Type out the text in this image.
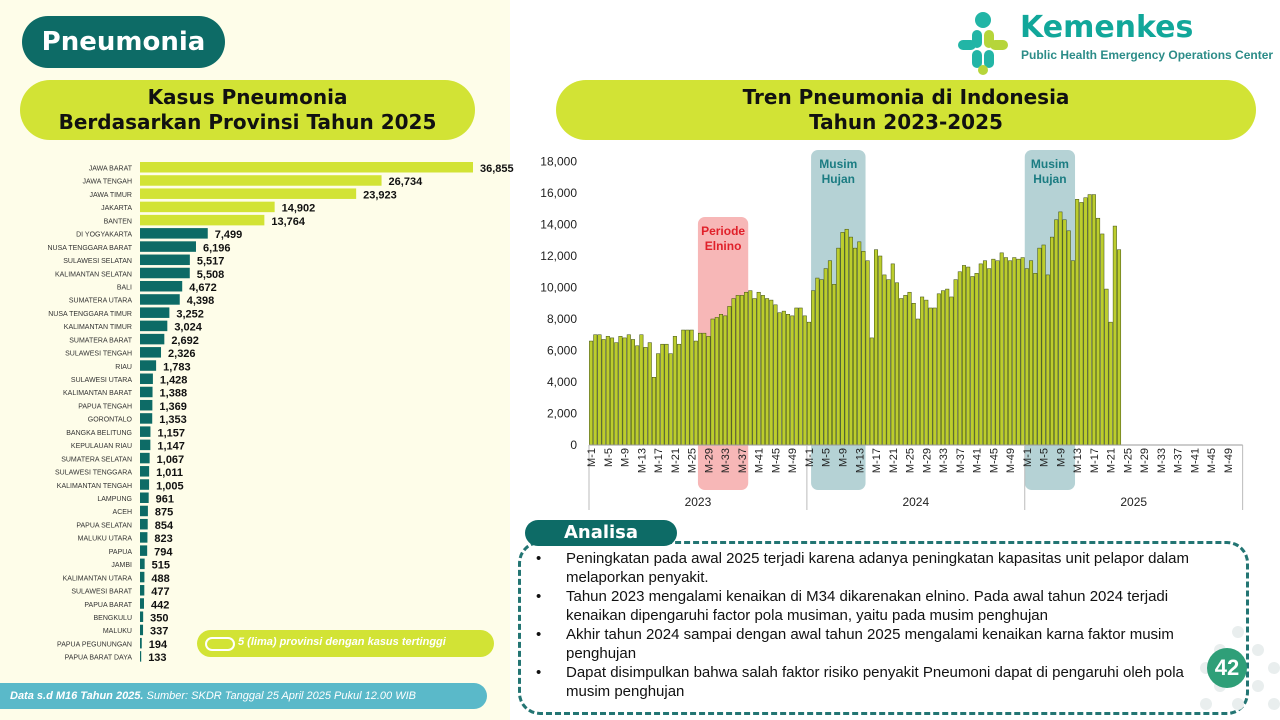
Pneumonia	Kemenkes
Public Health Emergency Operations Center
Kasus Pneumonia
Berdasarkan Provinsi Tahun 2025
Tren Pneumonia di Indonesia
Tahun 2023-2025
JAWA BARAT	36,855
JAWA TENGAH	26,734
JAWA TIMUR	23,923
JAKARTA	14,902
BANTEN	13,764
DI YOGYAKARTA	7,499
NUSA TENGGARA BARAT	6,196
SULAWESI SELATAN	5,517
KALIMANTAN SELATAN	5,508
BALI	4,672
SUMATERA UTARA	4,398
NUSA TENGGARA TIMUR	3,252
KALIMANTAN TIMUR	3,024
SUMATERA BARAT	2,692
SULAWESI TENGAH	2,326
RIAU	1,783
SULAWESI UTARA	1,428
KALIMANTAN BARAT	1,388
PAPUA TENGAH 1,369
GORONTALO 1,353
BANGKA BELITUNG 1,157
KEPULAUAN RIAU 1,147
SUMATERA SELATAN 1,067
SULAWESI TENGGARA 1,011
KALIMANTAN TENGAH 1,005
LAMPUNG 961
ACEH 875
PAPUA SELATAN 854
MALUKU UTARA 823
PAPUA 794
JAMBI 515
KALIMANTAN UTARA 488
SULAWESI BARAT 477
PAPUA BARAT 442
BENGKULU 350
MALUKU 337
PAPUA PEGUNUNGAN 194
PAPUA BARAT DAYA 133
Periode
Elnino
Musim
Hujan
Musim
Hujan
0
2,000
4,000
6,000
8,000
10,000
12,000
14,000
16,000
18,000
M-1 M-5 M-9 M-13 M-17 M-21 M-25 M-29 M-33 M-37 M-41 M-45 M-49
2023
M-1 M-5 M-9 M-13 M-17 M-21 M-25 M-29 M-33 M-37 M-41 M-45 M-49
2024
M-1 M-5 M-9 M-13 M-17 M-21 M-25 M-29 M-33 M-37 M-41 M-45 M-49
2025
5 (lima) provinsi dengan kasus tertinggi
Data s.d M16 Tahun 2025. Sumber: SKDR Tanggal 25 April 2025 Pukul 12.00 WIB
Analisa
• Peningkatan pada awal 2025 terjadi karena adanya peningkatan kapasitas unit pelapor dalam melaporkan penyakit.
• Tahun 2023 mengalami kenaikan di M34 dikarenakan elnino. Pada awal tahun 2024 terjadi kenaikan dipengaruhi factor pola musiman, yaitu pada musim penghujan
• Akhir tahun 2024 sampai dengan awal tahun 2025 mengalami kenaikan karna faktor musim penghujan
• Dapat disimpulkan bahwa salah faktor risiko penyakit Pneumoni dapat di pengaruhi oleh pola musim penghujan
42
